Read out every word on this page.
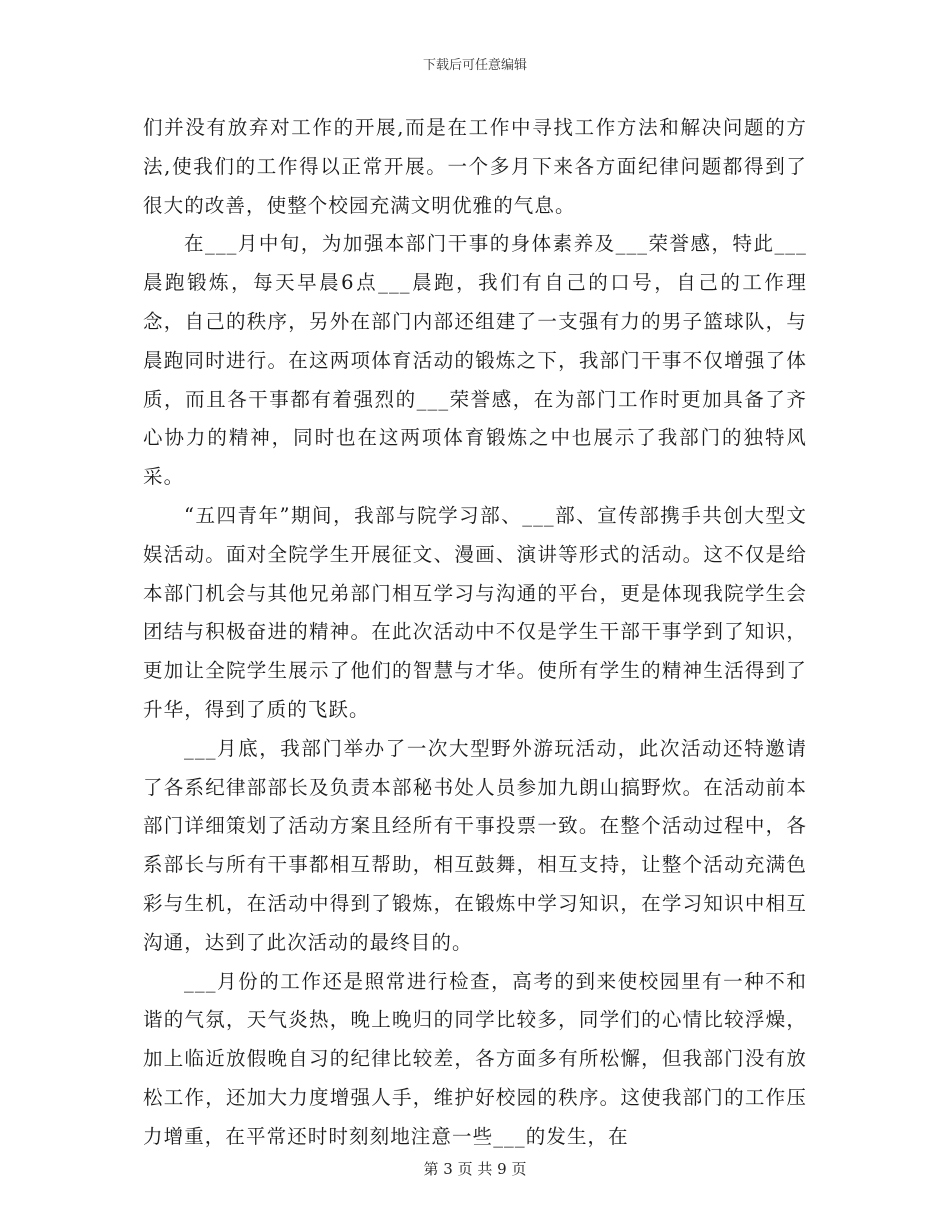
下载后可任意编辑

们并没有放弃对工作的开展,而是在工作中寻找工作方法和解决问题的方法,使我们的工作得以正常开展。一个多月下来各方面纪律问题都得到了很大的改善，使整个校园充满文明优雅的气息。

在___月中旬，为加强本部门干事的身体素养及___荣誉感，特此___晨跑锻炼，每天早晨6点___晨跑，我们有自己的口号，自己的工作理念，自己的秩序，另外在部门内部还组建了一支强有力的男子篮球队，与晨跑同时进行。在这两项体育活动的锻炼之下，我部门干事不仅增强了体质，而且各干事都有着强烈的___荣誉感，在为部门工作时更加具备了齐心协力的精神，同时也在这两项体育锻炼之中也展示了我部门的独特风采。

“五四青年”期间，我部与院学习部、___部、宣传部携手共创大型文娱活动。面对全院学生开展征文、漫画、演讲等形式的活动。这不仅是给本部门机会与其他兄弟部门相互学习与沟通的平台，更是体现我院学生会团结与积极奋进的精神。在此次活动中不仅是学生干部干事学到了知识，更加让全院学生展示了他们的智慧与才华。使所有学生的精神生活得到了升华，得到了质的飞跃。

___月底，我部门举办了一次大型野外游玩活动，此次活动还特邀请了各系纪律部部长及负责本部秘书处人员参加九朗山搞野炊。在活动前本部门详细策划了活动方案且经所有干事投票一致。在整个活动过程中，各系部长与所有干事都相互帮助，相互鼓舞，相互支持，让整个活动充满色彩与生机，在活动中得到了锻炼，在锻炼中学习知识，在学习知识中相互沟通，达到了此次活动的最终目的。

___月份的工作还是照常进行检查，高考的到来使校园里有一种不和谐的气氛，天气炎热，晚上晚归的同学比较多，同学们的心情比较浮燥，加上临近放假晚自习的纪律比较差，各方面多有所松懈，但我部门没有放松工作，还加大力度增强人手，维护好校园的秩序。这使我部门的工作压力增重，在平常还时时刻刻地注意一些___的发生，在

第 3 页 共 9 页
